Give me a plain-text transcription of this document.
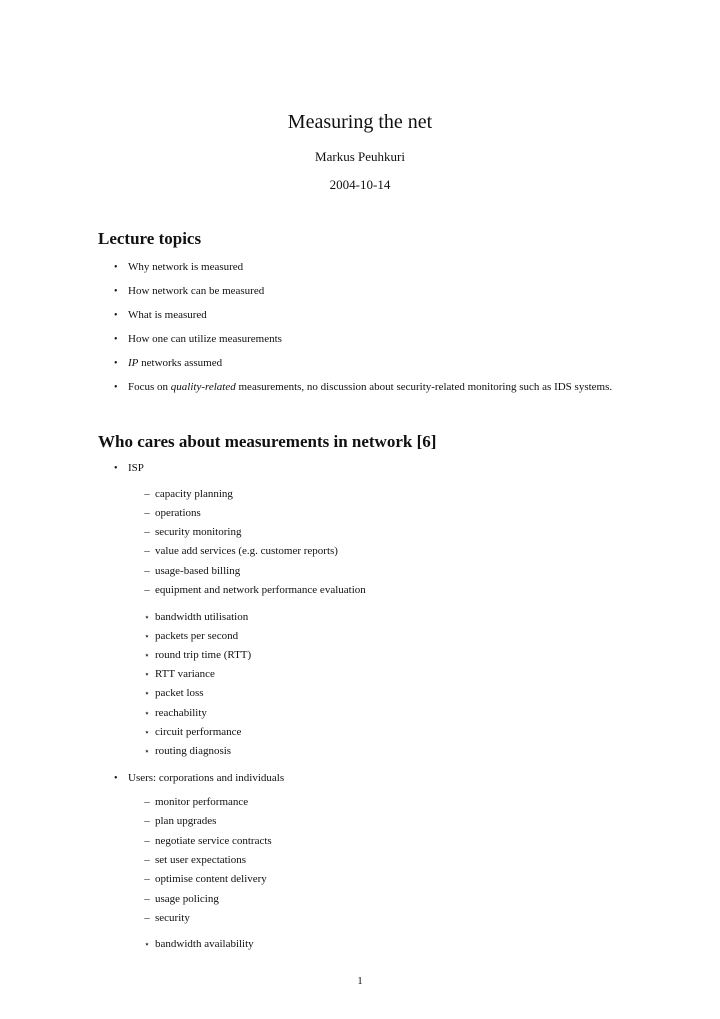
Measuring the net
Markus Peuhkuri
2004-10-14
Lecture topics
• Why network is measured
• How network can be measured
• What is measured
• How one can utilize measurements
• IP networks assumed
• Focus on quality-related measurements, no discussion about security-related monitoring such as IDS systems.
Who cares about measurements in network [6]
• ISP
– capacity planning
– operations
– security monitoring
– value add services (e.g. customer reports)
– usage-based billing
– equipment and network performance evaluation
⋆ bandwidth utilisation
⋆ packets per second
⋆ round trip time (RTT)
⋆ RTT variance
⋆ packet loss
⋆ reachability
⋆ circuit performance
⋆ routing diagnosis
• Users: corporations and individuals
– monitor performance
– plan upgrades
– negotiate service contracts
– set user expectations
– optimise content delivery
– usage policing
– security
⋆ bandwidth availability
1
